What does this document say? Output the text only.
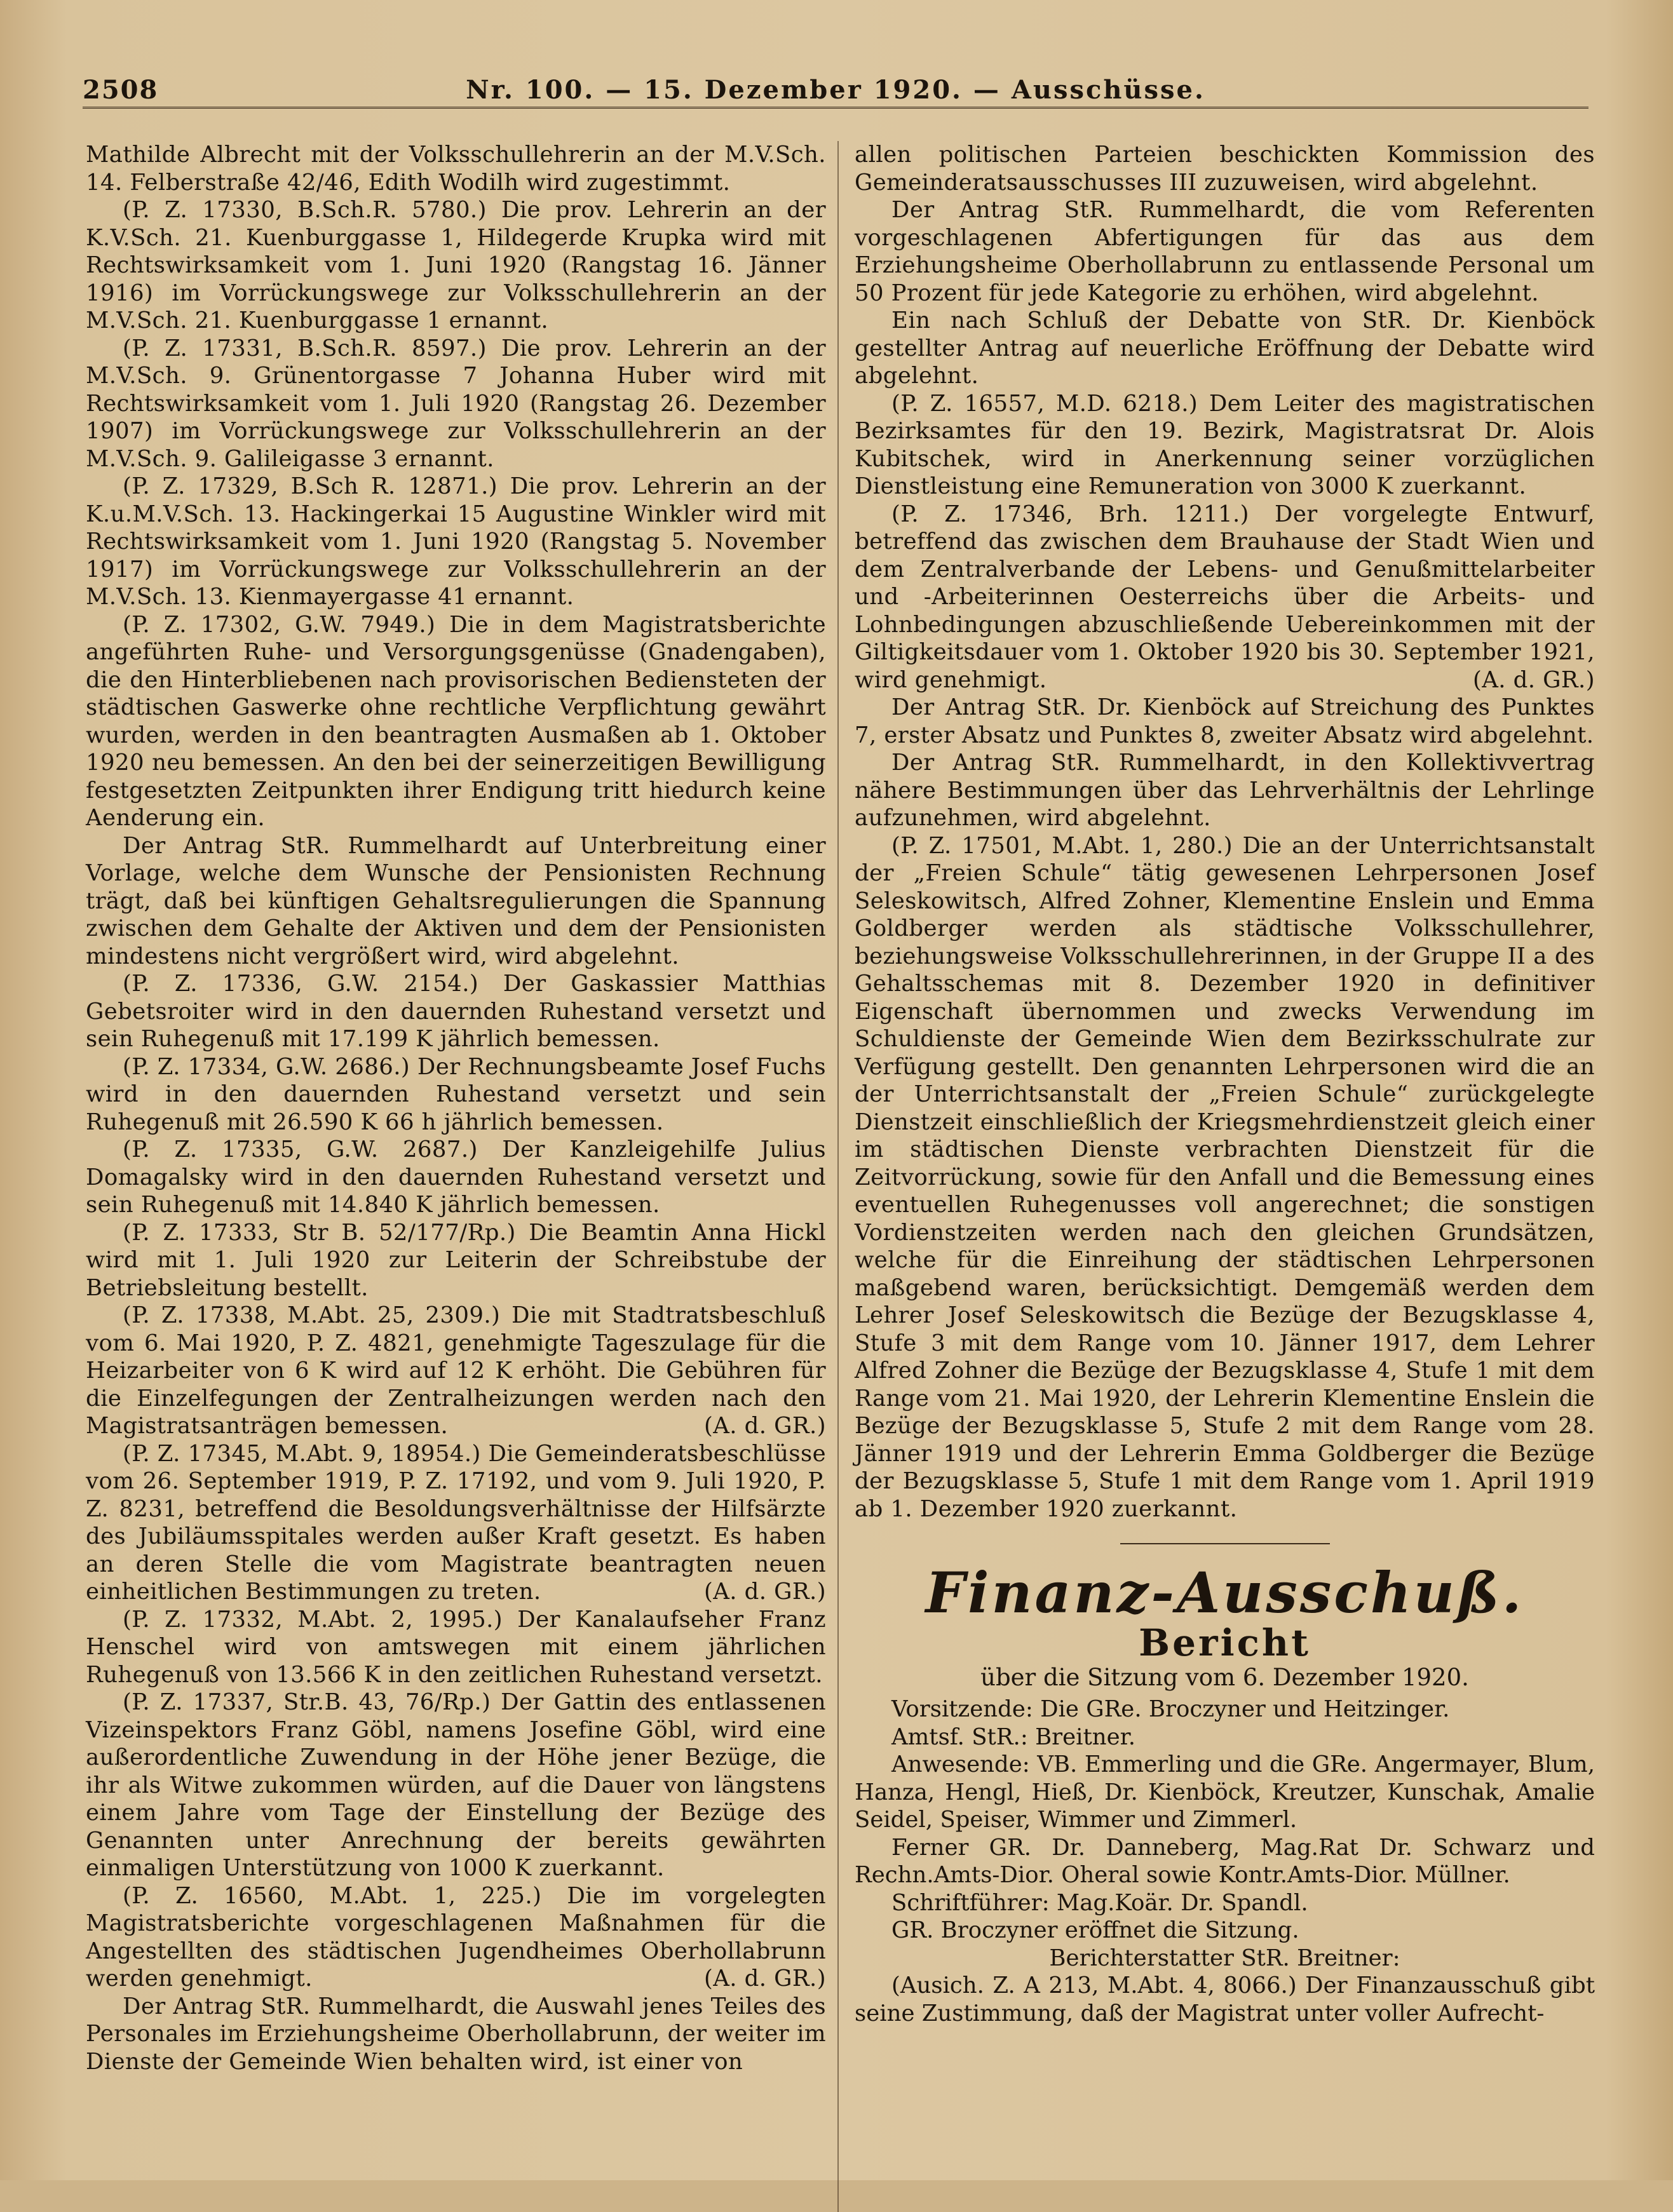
2508	Nr. 100. — 15. Dezember 1920. — Ausschüsse.

Mathilde Albrecht mit der Volksschullehrerin an der M.V.Sch. 14. Felberstraße 42/46, Edith Wodilh wird zugestimmt.

(P. Z. 17330, B.Sch.R. 5780.) Die prov. Lehrerin an der K.V.Sch. 21. Kuenburggasse 1, Hildegerde Krupka wird mit Rechtswirksamkeit vom 1. Juni 1920 (Rangstag 16. Jänner 1916) im Vorrückungswege zur Volksschullehrerin an der M.V.Sch. 21. Kuenburggasse 1 ernannt.

(P. Z. 17331, B.Sch.R. 8597.) Die prov. Lehrerin an der M.V.Sch. 9. Grünentorgasse 7 Johanna Huber wird mit Rechtswirksamkeit vom 1. Juli 1920 (Rangstag 26. Dezember 1907) im Vorrückungswege zur Volksschullehrerin an der M.V.Sch. 9. Galileigasse 3 ernannt.

(P. Z. 17329, B.Sch R. 12871.) Die prov. Lehrerin an der K.u.M.V.Sch. 13. Hackingerkai 15 Augustine Winkler wird mit Rechtswirksamkeit vom 1. Juni 1920 (Rangstag 5. November 1917) im Vorrückungswege zur Volksschullehrerin an der M.V.Sch. 13. Kienmayergasse 41 ernannt.

(P. Z. 17302, G.W. 7949.) Die in dem Magistratsberichte angeführten Ruhe- und Versorgungsgenüsse (Gnadengaben), die den Hinterbliebenen nach provisorischen Bediensteten der städtischen Gaswerke ohne rechtliche Verpflichtung gewährt wurden, werden in den beantragten Ausmaßen ab 1. Oktober 1920 neu bemessen. An den bei der seinerzeitigen Bewilligung festgesetzten Zeitpunkten ihrer Endigung tritt hiedurch keine Aenderung ein.

Der Antrag StR. Rummelhardt auf Unterbreitung einer Vorlage, welche dem Wunsche der Pensionisten Rechnung trägt, daß bei künftigen Gehaltsregulierungen die Spannung zwischen dem Gehalte der Aktiven und dem der Pensionisten mindestens nicht vergrößert wird, wird abgelehnt.

(P. Z. 17336, G.W. 2154.) Der Gaskassier Matthias Gebetsroiter wird in den dauernden Ruhestand versetzt und sein Ruhegenuß mit 17.199 K jährlich bemessen.

(P. Z. 17334, G.W. 2686.) Der Rechnungsbeamte Josef Fuchs wird in den dauernden Ruhestand versetzt und sein Ruhegenuß mit 26.590 K 66 h jährlich bemessen.

(P. Z. 17335, G.W. 2687.) Der Kanzleigehilfe Julius Domagalsky wird in den dauernden Ruhestand versetzt und sein Ruhegenuß mit 14.840 K jährlich bemessen.

(P. Z. 17333, Str B. 52/177/Rp.) Die Beamtin Anna Hickl wird mit 1. Juli 1920 zur Leiterin der Schreibstube der Betriebsleitung bestellt.

(P. Z. 17338, M.Abt. 25, 2309.) Die mit Stadtratsbeschluß vom 6. Mai 1920, P. Z. 4821, genehmigte Tageszulage für die Heizarbeiter von 6 K wird auf 12 K erhöht. Die Gebühren für die Einzelfegungen der Zentralheizungen werden nach den Magistratsanträgen bemessen.	(A. d. GR.)

(P. Z. 17345, M.Abt. 9, 18954.) Die Gemeinderatsbeschlüsse vom 26. September 1919, P. Z. 17192, und vom 9. Juli 1920, P. Z. 8231, betreffend die Besoldungsverhältnisse der Hilfsärzte des Jubiläumsspitales werden außer Kraft gesetzt. Es haben an deren Stelle die vom Magistrate beantragten neuen einheitlichen Bestimmungen zu treten.	(A. d. GR.)

(P. Z. 17332, M.Abt. 2, 1995.) Der Kanalaufseher Franz Henschel wird von amtswegen mit einem jährlichen Ruhegenuß von 13.566 K in den zeitlichen Ruhestand versetzt.

(P. Z. 17337, Str.B. 43, 76/Rp.) Der Gattin des entlassenen Vizeinspektors Franz Göbl, namens Josefine Göbl, wird eine außerordentliche Zuwendung in der Höhe jener Bezüge, die ihr als Witwe zukommen würden, auf die Dauer von längstens einem Jahre vom Tage der Einstellung der Bezüge des Genannten unter Anrechnung der bereits gewährten einmaligen Unterstützung von 1000 K zuerkannt.

(P. Z. 16560, M.Abt. 1, 225.) Die im vorgelegten Magistratsberichte vorgeschlagenen Maßnahmen für die Angestellten des städtischen Jugendheimes Oberhollabrunn werden genehmigt.	(A. d. GR.)

Der Antrag StR. Rummelhardt, die Auswahl jenes Teiles des Personales im Erziehungsheime Oberhollabrunn, der weiter im Dienste der Gemeinde Wien behalten wird, ist einer von

allen politischen Parteien beschickten Kommission des Gemeinderatsausschusses III zuzuweisen, wird abgelehnt.

Der Antrag StR. Rummelhardt, die vom Referenten vorgeschlagenen Abfertigungen für das aus dem Erziehungsheime Oberhollabrunn zu entlassende Personal um 50 Prozent für jede Kategorie zu erhöhen, wird abgelehnt.

Ein nach Schluß der Debatte von StR. Dr. Kienböck gestellter Antrag auf neuerliche Eröffnung der Debatte wird abgelehnt.

(P. Z. 16557, M.D. 6218.) Dem Leiter des magistratischen Bezirksamtes für den 19. Bezirk, Magistratsrat Dr. Alois Kubitschek, wird in Anerkennung seiner vorzüglichen Dienstleistung eine Remuneration von 3000 K zuerkannt.

(P. Z. 17346, Brh. 1211.) Der vorgelegte Entwurf, betreffend das zwischen dem Brauhause der Stadt Wien und dem Zentralverbande der Lebens- und Genußmittelarbeiter und -Arbeiterinnen Oesterreichs über die Arbeits- und Lohnbedingungen abzuschließende Uebereinkommen mit der Giltigkeitsdauer vom 1. Oktober 1920 bis 30. September 1921, wird genehmigt.	(A. d. GR.)

Der Antrag StR. Dr. Kienböck auf Streichung des Punktes 7, erster Absatz und Punktes 8, zweiter Absatz wird abgelehnt.

Der Antrag StR. Rummelhardt, in den Kollektivvertrag nähere Bestimmungen über das Lehrverhältnis der Lehrlinge aufzunehmen, wird abgelehnt.

(P. Z. 17501, M.Abt. 1, 280.) Die an der Unterrichtsanstalt der „Freien Schule“ tätig gewesenen Lehrpersonen Josef Seleskowitsch, Alfred Zohner, Klementine Enslein und Emma Goldberger werden als städtische Volksschullehrer, beziehungsweise Volksschullehrerinnen, in der Gruppe II a des Gehaltsschemas mit 8. Dezember 1920 in definitiver Eigenschaft übernommen und zwecks Verwendung im Schuldienste der Gemeinde Wien dem Bezirksschulrate zur Verfügung gestellt. Den genannten Lehrpersonen wird die an der Unterrichtsanstalt der „Freien Schule“ zurückgelegte Dienstzeit einschließlich der Kriegsmehrdienstzeit gleich einer im städtischen Dienste verbrachten Dienstzeit für die Zeitvorrückung, sowie für den Anfall und die Bemessung eines eventuellen Ruhegenusses voll angerechnet; die sonstigen Vordienstzeiten werden nach den gleichen Grundsätzen, welche für die Einreihung der städtischen Lehrpersonen maßgebend waren, berücksichtigt. Demgemäß werden dem Lehrer Josef Seleskowitsch die Bezüge der Bezugsklasse 4, Stufe 3 mit dem Range vom 10. Jänner 1917, dem Lehrer Alfred Zohner die Bezüge der Bezugsklasse 4, Stufe 1 mit dem Range vom 21. Mai 1920, der Lehrerin Klementine Enslein die Bezüge der Bezugsklasse 5, Stufe 2 mit dem Range vom 28. Jänner 1919 und der Lehrerin Emma Goldberger die Bezüge der Bezugsklasse 5, Stufe 1 mit dem Range vom 1. April 1919 ab 1. Dezember 1920 zuerkannt.

Finanz-Ausschuß.

Bericht

über die Sitzung vom 6. Dezember 1920.

Vorsitzende: Die GRe. Broczyner und Heitzinger.

Amtsf. StR.: Breitner.

Anwesende: VB. Emmerling und die GRe. Angermayer, Blum, Hanza, Hengl, Hieß, Dr. Kienböck, Kreutzer, Kunschak, Amalie Seidel, Speiser, Wimmer und Zimmerl.

Ferner GR. Dr. Danneberg, Mag.Rat Dr. Schwarz und Rechn.Amts-Dior. Oheral sowie Kontr.Amts-Dior. Müllner.

Schriftführer: Mag.Koär. Dr. Spandl.

GR. Broczyner eröffnet die Sitzung.

Berichterstatter StR. Breitner:

(Ausich. Z. A 213, M.Abt. 4, 8066.) Der Finanzausschuß gibt seine Zustimmung, daß der Magistrat unter voller Aufrecht-
